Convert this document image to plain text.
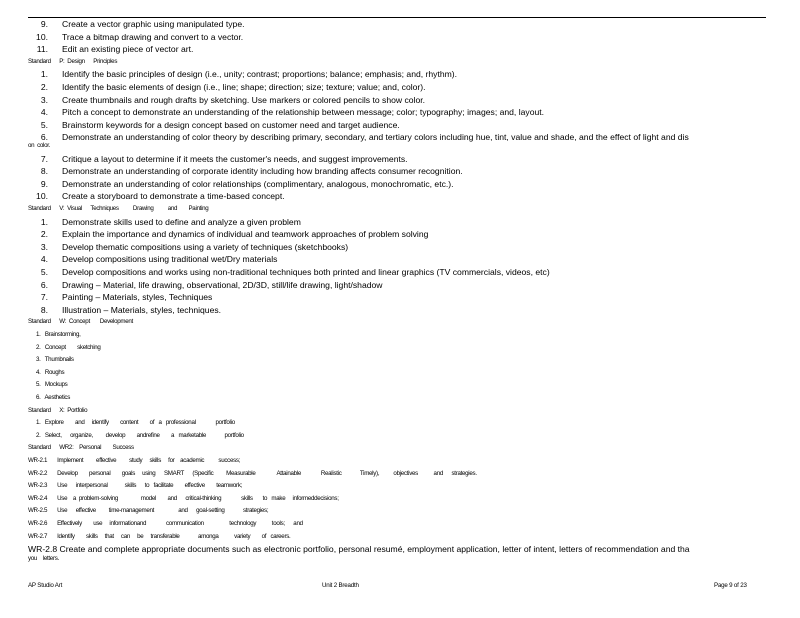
9. Create a vector graphic using manipulated type.
10. Trace a bitmap drawing and convert to a vector.
11. Edit an existing piece of vector art.
Standard      P:  Design      Principles
1. Identify the basic principles of design (i.e., unity; contrast; proportions; balance; emphasis; and, rhythm).
2. Identify the basic elements of design (i.e., line; shape; direction; size; texture; value; and, color).
3. Create thumbnails and rough drafts by sketching. Use markers or colored pencils to show color.
4. Pitch a concept to demonstrate an understanding of the relationship between message; color; typography; images; and, layout.
5. Brainstorm keywords for a design concept based on customer need and target audience.
6. Demonstrate an understanding of color theory by describing primary, secondary, and tertiary colors including hue, tint, value and shade, and the effect of light and dis
on  color.
7. Critique a layout to determine if it meets the customer's needs, and suggest improvements.
8. Demonstrate an understanding of corporate identity including how branding affects consumer recognition.
9. Demonstrate an understanding of color relationships (complimentary, analogous, monochromatic, etc.).
10. Create a storyboard to demonstrate a time-based concept.
Standard      V:  Visual      Techniques          Drawing          and        Painting
1. Demonstrate skills used to define and analyze a given problem
2. Explain the importance and dynamics of individual and teamwork approaches of problem solving
3. Develop thematic compositions using a variety of techniques (sketchbooks)
4. Develop compositions using traditional wet/Dry materials
5. Develop compositions and works using non-traditional techniques both printed and linear graphics (TV commercials, videos, etc)
6. Drawing – Material, life drawing, observational, 2D/3D, still/life drawing, light/shadow
7. Painting – Materials, styles, Techniques
8. Illustration – Materials, styles, techniques.
Standard      W:  Concept       Development
1.   Brainstorming,
2.   Concept        sketching
3.   Thumbnails
4.   Roughs
5.   Mockups
6.   Aesthetics
Standard      X:  Portfolio
1.   Explore        and     identify        content        of   a   professional              portfolio
2.   Select,      organize,         develop        andrefine        a   marketable             portfolio
Standard      WR2:    Personal        Success
WR-2.1       Implement         effective         study     skills     for    academic          success;
WR-2.2       Develop        personal        goals     using      SMART      (Specific         Measurable               Attainable              Realistic             Timely),          objectives           and      strategies.
WR-2.3       Use      interpersonal            skills      to   facilitate        effective        teamwork;
WR-2.4       Use    a  problem-solving                model        and      critical-thinking              skills       to   make     informeddecisions;
WR-2.5       Use      effective         time-management                 and      goal-setting             strategies;
WR-2.6       Effectively        use     informationand              communication                  technology           tools;      and
WR-2.7       Identify        skills     that     can     be     transferable             amonga           variety        of   careers.
WR-2.8 Create and complete appropriate documents such as electronic portfolio, personal resumé, employment application, letter of intent, letters of recommendation and tha
you    letters.
AP Studio Art	Unit 2 Breadth	Page 9 of 23
